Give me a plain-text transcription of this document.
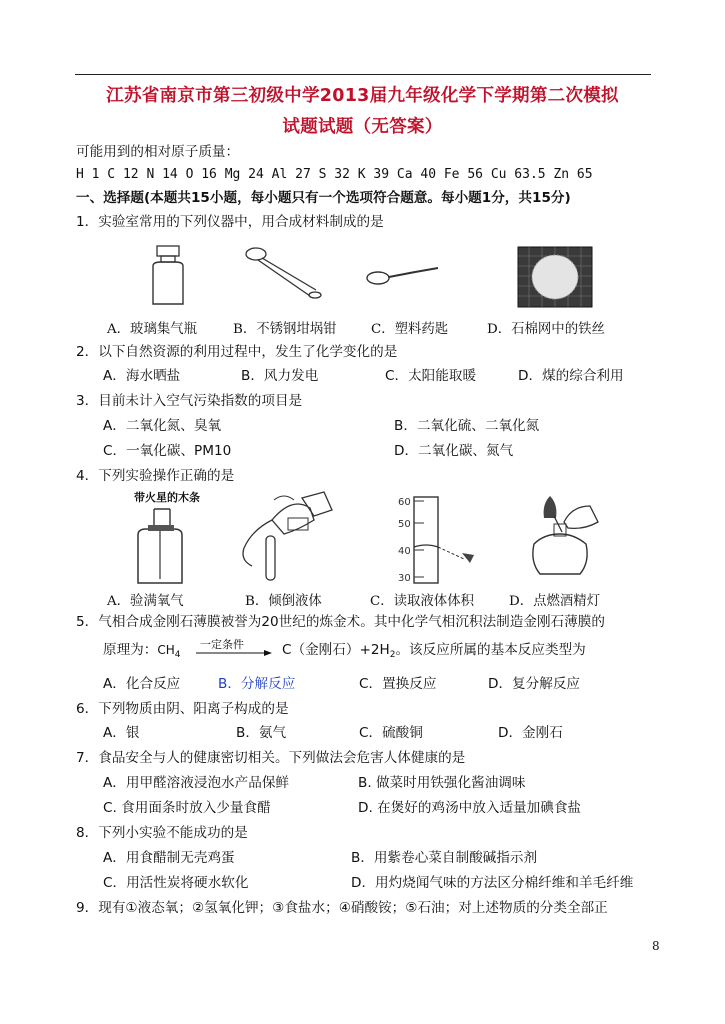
江苏省南京市第三初级中学2013届九年级化学下学期第二次模拟
试题试题（无答案）
可能用到的相对原子质量：
H 1 C 12 N 14 O 16 Mg 24 Al 27 S 32 K 39 Ca 40 Fe 56 Cu 63.5 Zn 65
一、选择题(本题共15小题，每小题只有一个选项符合题意。每小题1分，共15分)
1．实验室常用的下列仪器中，用合成材料制成的是
A．玻璃集气瓶	B．不锈钢坩埚钳	C．塑料药匙	D．石棉网中的铁丝
2．以下自然资源的利用过程中，发生了化学变化的是
A．海水晒盐	B．风力发电	C．太阳能取暖	D．煤的综合利用
3．目前未计入空气污染指数的项目是
A．二氧化氮、臭氧	B．二氧化硫、二氧化氮
C．一氧化碳、PM10	D．二氧化碳、氮气
4．下列实验操作正确的是
带火星的木条	60
50
40
30
A．验满氧气	B．倾倒液体	C．读取液体体积	D．点燃酒精灯
5．气相合成金刚石薄膜被誉为20世纪的炼金术。其中化学气相沉积法制造金刚石薄膜的
原理为：$CH_4$
一定条件	C（金刚石）$+2H_2$。该反应所属的基本反应类型为
A．化合反应	B．分解反应	C．置换反应	D．复分解反应
6．下列物质由阴、阳离子构成的是
A．银	B．氨气	C．硫酸铜	D．金刚石
7．食品安全与人的健康密切相关。下列做法会危害人体健康的是
A．用甲醛溶液浸泡水产品保鲜	B. 做菜时用铁强化酱油调味
C. 食用面条时放入少量食醋	D. 在煲好的鸡汤中放入适量加碘食盐
8．下列小实验不能成功的是
A．用食醋制无壳鸡蛋	B．用紫卷心菜自制酸碱指示剂
C．用活性炭将硬水软化	D．用灼烧闻气味的方法区分棉纤维和羊毛纤维
9．现有①液态氧；②氢氧化钾；③食盐水；④硝酸铵；⑤石油；对上述物质的分类全部正
8
